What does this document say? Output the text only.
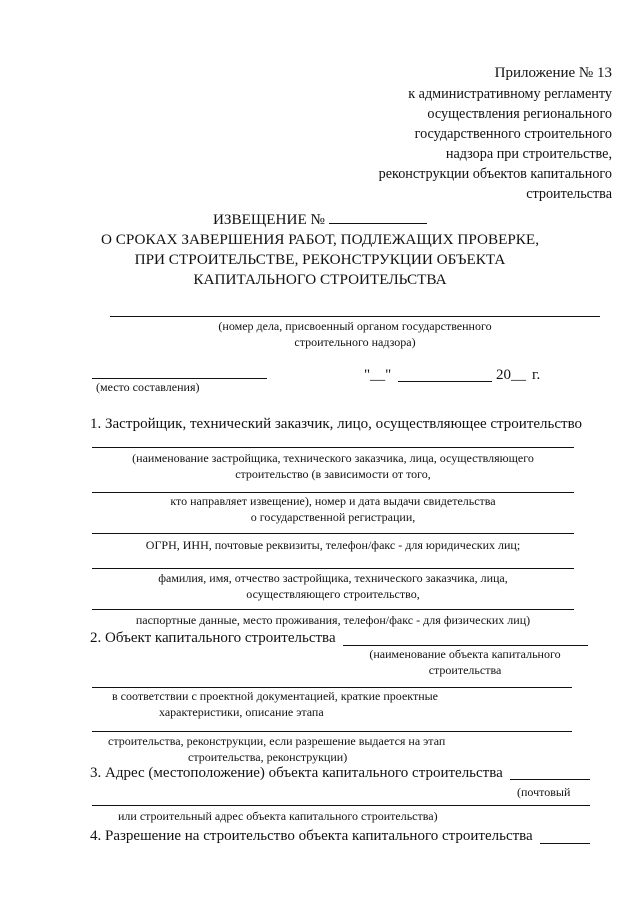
Приложение № 13
к административному регламенту
осуществления регионального
государственного строительного
надзора при строительстве,
реконструкции объектов капитального
строительства
ИЗВЕЩЕНИЕ №
О СРОКАХ ЗАВЕРШЕНИЯ РАБОТ, ПОДЛЕЖАЩИХ ПРОВЕРКЕ,
ПРИ СТРОИТЕЛЬСТВЕ, РЕКОНСТРУКЦИИ ОБЪЕКТА
КАПИТАЛЬНОГО СТРОИТЕЛЬСТВА
(номер дела, присвоенный органом государственного
строительного надзора)
"__"	20__ г.
(место составления)
1. Застройщик, технический заказчик, лицо, осуществляющее строительство
(наименование застройщика, технического заказчика, лица, осуществляющего
строительство (в зависимости от того,
кто направляет извещение), номер и дата выдачи свидетельства
о государственной регистрации,
ОГРН, ИНН, почтовые реквизиты, телефон/факс - для юридических лиц;
фамилия, имя, отчество застройщика, технического заказчика, лица,
осуществляющего строительство,
паспортные данные, место проживания, телефон/факс - для физических лиц)
2. Объект капитального строительства
(наименование объекта капитального
строительства
в соответствии с проектной документацией, краткие проектные
характеристики, описание этапа
строительства, реконструкции, если разрешение выдается на этап
строительства, реконструкции)
3. Адрес (местоположение) объекта капитального строительства
(почтовый
или строительный адрес объекта капитального строительства)
4. Разрешение на строительство объекта капитального строительства
